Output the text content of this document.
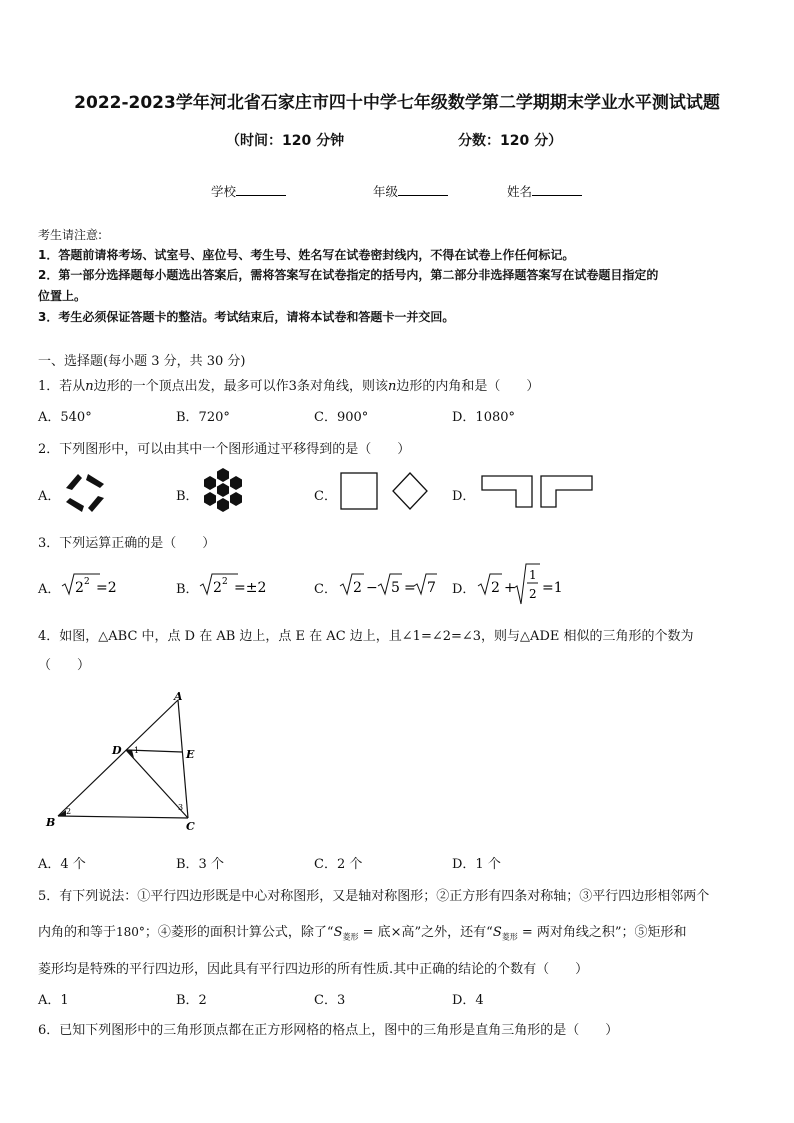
2022-2023学年河北省石家庄市四十中学七年级数学第二学期期末学业水平测试试题
（时间：120 分钟	分数：120 分）
学校	年级	姓名
考生请注意:
1．答题前请将考场、试室号、座位号、考生号、姓名写在试卷密封线内，不得在试卷上作任何标记。
2．第一部分选择题每小题选出答案后，需将答案写在试卷指定的括号内，第二部分非选择题答案写在试卷题目指定的
位置上。
3．考生必须保证答题卡的整洁。考试结束后，请将本试卷和答题卡一并交回。
一、选择题(每小题 3 分，共 30 分)
1．若从n边形的一个顶点出发，最多可以作3条对角线，则该n边形的内角和是（　　）
A．540°	B．720°	C．900°	D．1080°
2．下列图形中，可以由其中一个图形通过平移得到的是（　　）
A．	B．	C．	D．
3．下列运算正确的是（　　）
A． 2 2 =2	B． 2 2 =±2	C． 2 − 5 = 7 D． 2 +
1
2 =1
4．如图，△ABC 中，点 D 在 AB 边上，点 E 在 AC 边上，且∠1=∠2=∠3，则与△ADE 相似的三角形的个数为
（　　）
A
B	C
D	E
1
2	3
A．4 个	B．3 个	C．2 个	D．1 个
5．有下列说法：①平行四边形既是中心对称图形，又是轴对称图形；②正方形有四条对称轴；③平行四边形相邻两个
内角的和等于180°；④菱形的面积计算公式，除了“$S_{菱形}$ = 底×高”之外，还有“$S_{菱形}$ = 两对角线之积”；⑤矩形和
菱形均是特殊的平行四边形，因此具有平行四边形的所有性质.其中正确的结论的个数有（　　）
A．1	B．2	C．3	D．4
6．已知下列图形中的三角形顶点都在正方形网格的格点上，图中的三角形是直角三角形的是（　　）
